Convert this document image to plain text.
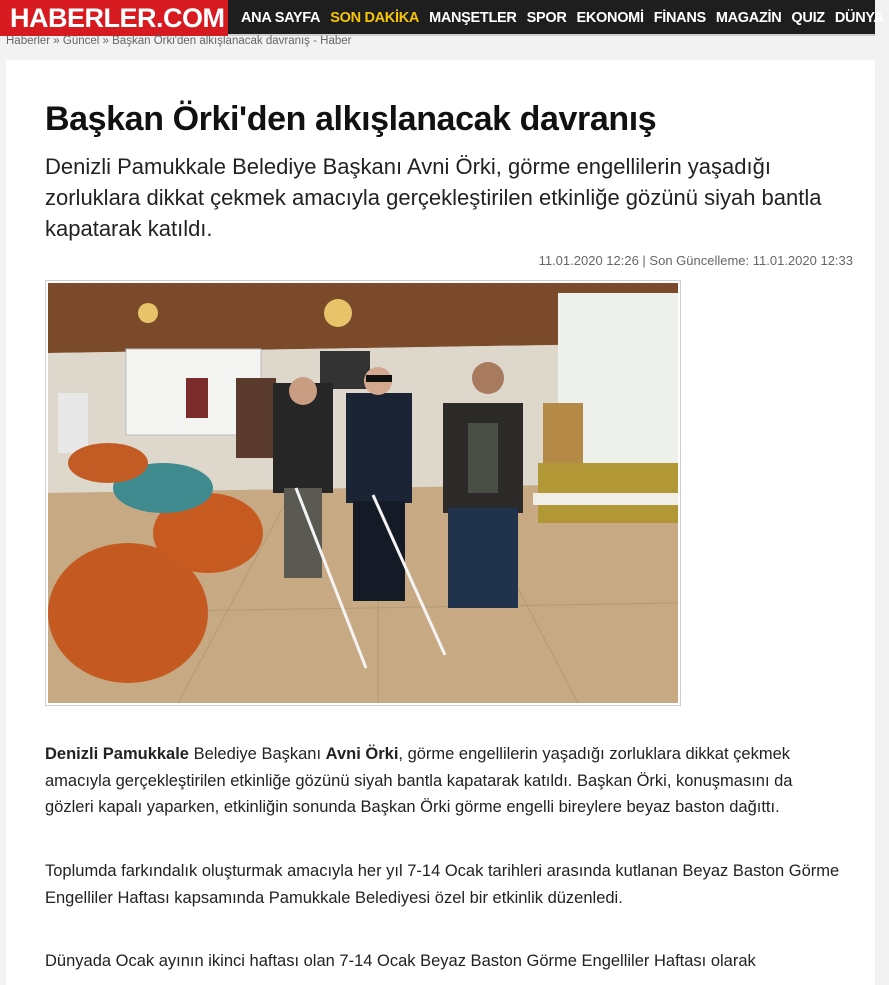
HABERLER.COM ANA SAYFA SON DAKİKA MANŞETLER SPOR EKONOMİ FİNANS MAGAZİN QUIZ DÜNYA
Haberler » Güncel » Başkan Örki'den alkışlanacak davranış - Haber
Başkan Örki'den alkışlanacak davranış

Denizli Pamukkale Belediye Başkanı Avni Örki, görme engellilerin yaşadığı zorluklara dikkat çekmek amacıyla gerçekleştirilen etkinliğe gözünü siyah bantla kapatarak katıldı.

11.01.2020 12:26 | Son Güncelleme: 11.01.2020 12:33

Denizli Pamukkale Belediye Başkanı Avni Örki, görme engellilerin yaşadığı zorluklara dikkat çekmek amacıyla gerçekleştirilen etkinliğe gözünü siyah bantla kapatarak katıldı. Başkan Örki, konuşmasını da gözleri kapalı yaparken, etkinliğin sonunda Başkan Örki görme engelli bireylere beyaz baston dağıttı.

Toplumda farkındalık oluşturmak amacıyla her yıl 7-14 Ocak tarihleri arasında kutlanan Beyaz Baston Görme Engelliler Haftası kapsamında Pamukkale Belediyesi özel bir etkinlik düzenledi.

Dünyada Ocak ayının ikinci haftası olan 7-14 Ocak Beyaz Baston Görme Engelliler Haftası olarak
